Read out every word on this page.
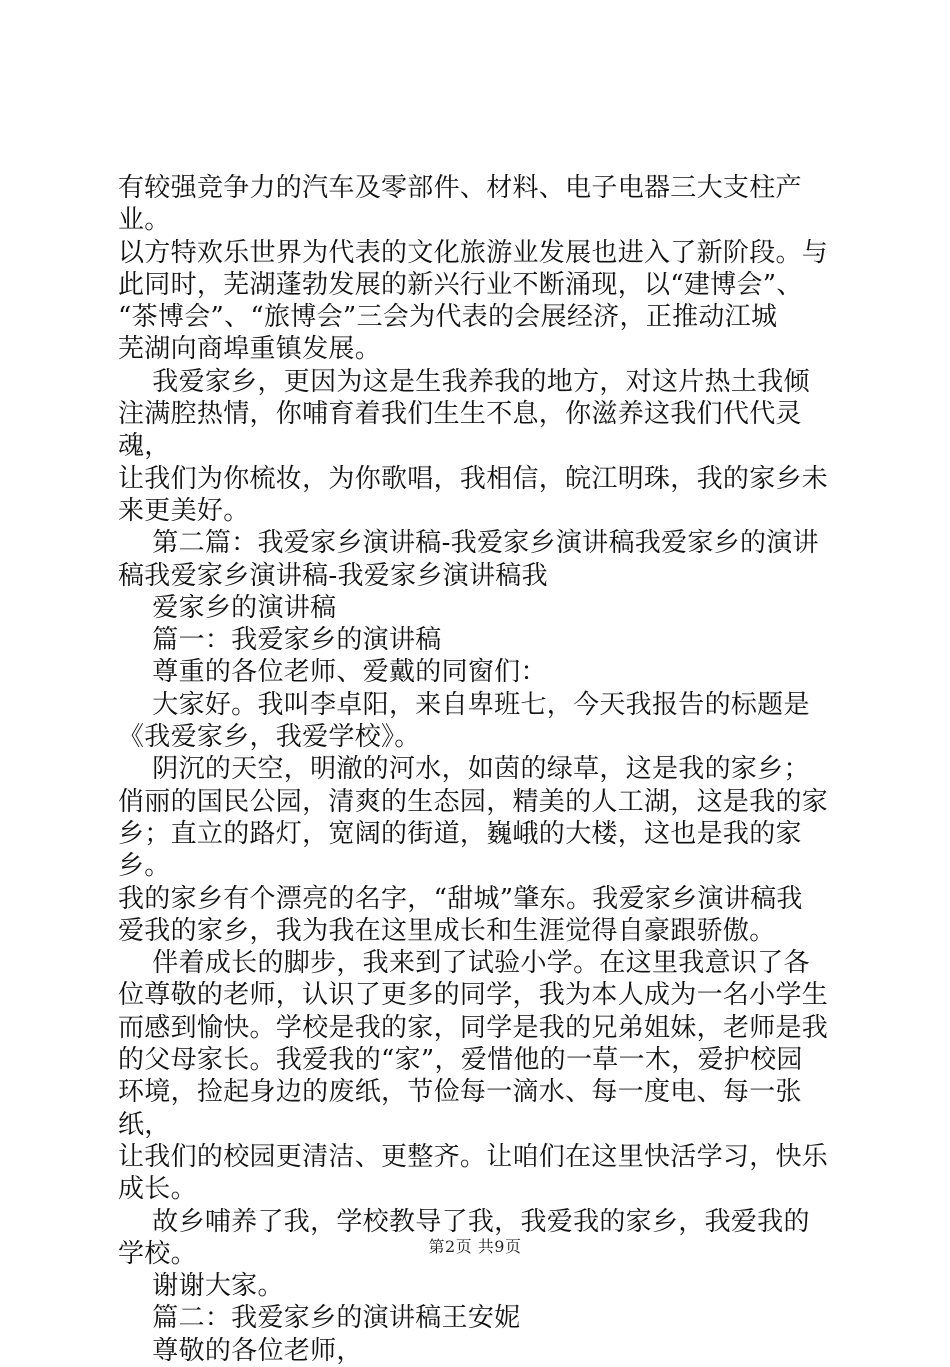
有较强竞争力的汽车及零部件、材料、电子电器三大支柱产业。
以方特欢乐世界为代表的文化旅游业发展也进入了新阶段。与
此同时，芜湖蓬勃发展的新兴行业不断涌现，以“建博会”、
“茶博会”、“旅博会”三会为代表的会展经济，正推动江城
芜湖向商埠重镇发展。

我爱家乡，更因为这是生我养我的地方，对这片热土我倾
注满腔热情，你哺育着我们生生不息，你滋养这我们代代灵魂，
让我们为你梳妆，为你歌唱，我相信，皖江明珠，我的家乡未
来更美好。

第二篇：我爱家乡演讲稿-我爱家乡演讲稿我爱家乡的演讲
稿我爱家乡演讲稿-我爱家乡演讲稿我

爱家乡的演讲稿

篇一：我爱家乡的演讲稿

尊重的各位老师、爱戴的同窗们：

大家好。我叫李卓阳，来自卑班七，今天我报告的标题是
《我爱家乡，我爱学校》。

阴沉的天空，明澈的河水，如茵的绿草，这是我的家乡；
俏丽的国民公园，清爽的生态园，精美的人工湖，这是我的家
乡；直立的路灯，宽阔的街道，巍峨的大楼，这也是我的家乡。
我的家乡有个漂亮的名字，“甜城”肇东。我爱家乡演讲稿我
爱我的家乡，我为我在这里成长和生涯觉得自豪跟骄傲。

伴着成长的脚步，我来到了试验小学。在这里我意识了各
位尊敬的老师，认识了更多的同学，我为本人成为一名小学生
而感到愉快。学校是我的家，同学是我的兄弟姐妹，老师是我
的父母家长。我爱我的“家”，爱惜他的一草一木，爱护校园
环境，捡起身边的废纸，节俭每一滴水、每一度电、每一张纸，
让我们的校园更清洁、更整齐。让咱们在这里快活学习，快乐
成长。

故乡哺养了我，学校教导了我，我爱我的家乡，我爱我的
学校。

谢谢大家。

篇二：我爱家乡的演讲稿王安妮

尊敬的各位老师，

第2页 共9页
